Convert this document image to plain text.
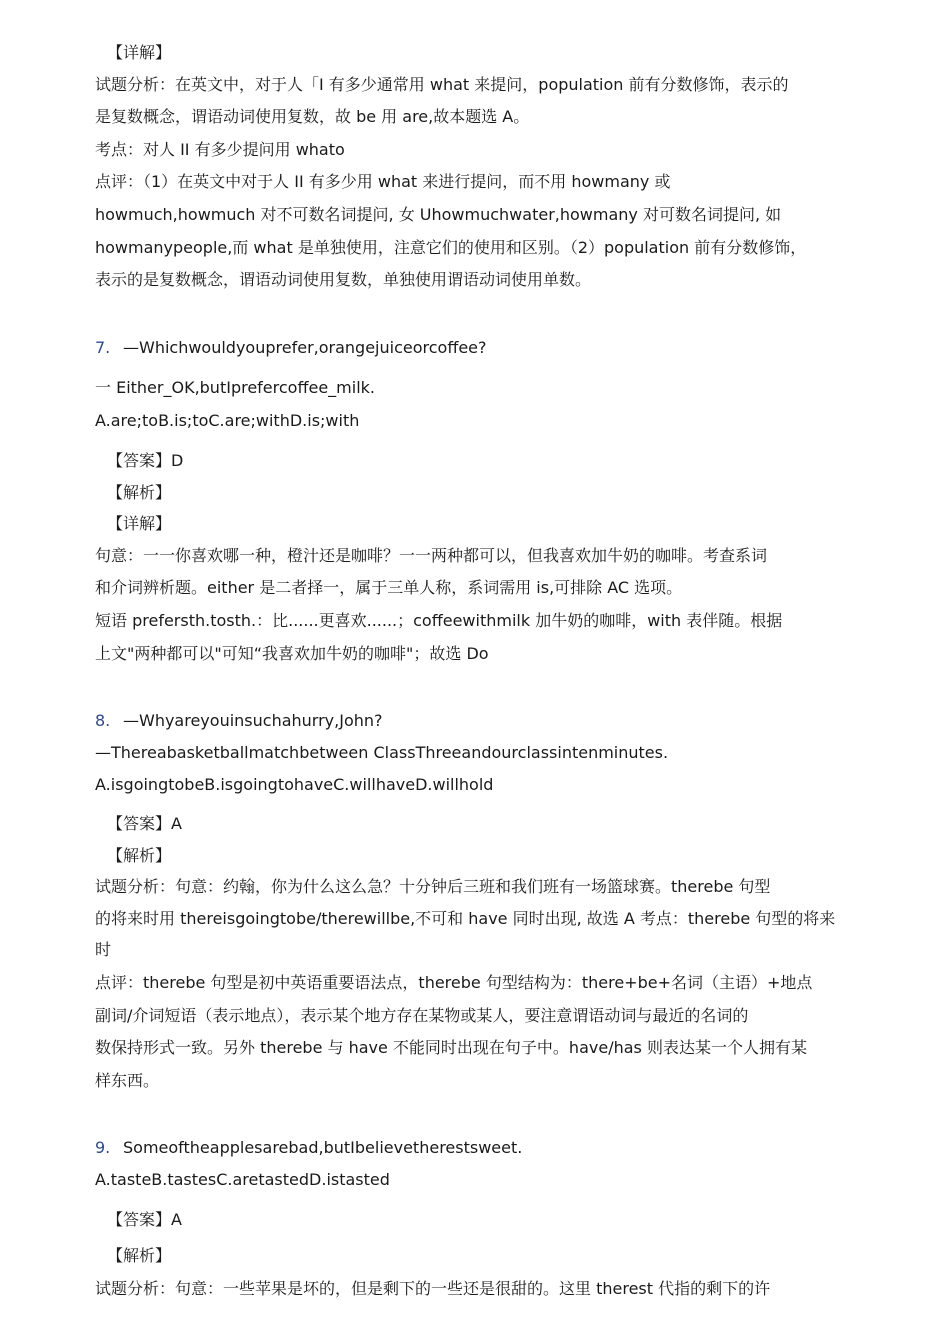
【详解】
试题分析：在英文中，对于人「I 有多少通常用 what 来提问，population 前有分数修饰，表示的
是复数概念，谓语动词使用复数，故 be 用 are,故本题选 A。
考点：对人 II 有多少提问用 whato
点评：（1）在英文中对于人 II 有多少用 what 来进行提问，而不用 howmany 或
howmuch,howmuch 对不可数名词提问, 女 Uhowmuchwater,howmany 对可数名词提问, 如
howmanypeople,而 what 是单独使用，注意它们的使用和区别。（2）population 前有分数修饰，
表示的是复数概念，谓语动词使用复数，单独使用谓语动词使用单数。
7. —Whichwouldyouprefer,orangejuiceorcoffee?
一 Either_OK,butIprefercoffee_milk.
A.are;toB.is;toC.are;withD.is;with
【答案】D
【解析】
【详解】
句意：一一你喜欢哪一种，橙汁还是咖啡？一一两种都可以，但我喜欢加牛奶的咖啡。考查系词
和介词辨析题。either 是二者择一，属于三单人称，系词需用 is,可排除 AC 选项。
短语 prefersth.tosth.：比......更喜欢......；coffeewithmilk 加牛奶的咖啡，with 表伴随。根据
上文"两种都可以"可知“我喜欢加牛奶的咖啡"；故选 Do
8. —Whyareyouinsuchahurry,John?
—Thereabasketballmatchbetween ClassThreeandourclassintenminutes.
A.isgoingtobeB.isgoingtohaveC.willhaveD.willhold
【答案】A
【解析】
试题分析：句意：约翰，你为什么这么急？十分钟后三班和我们班有一场篮球赛。therebe 句型
的将来时用 thereisgoingtobe/therewillbe,不可和 have 同时出现, 故选 A 考点：therebe 句型的将来
时
点评：therebe 句型是初中英语重要语法点，therebe 句型结构为：there+be+名词（主语）+地点
副词/介词短语（表示地点），表示某个地方存在某物或某人，要注意谓语动词与最近的名词的
数保持形式一致。另外 therebe 与 have 不能同时出现在句子中。have/has 则表达某一个人拥有某
样东西。
9. Someoftheapplesarebad,butIbelievetherestsweet.
A.tasteB.tastesC.aretastedD.istasted
【答案】A
【解析】
试题分析：句意：一些苹果是坏的，但是剩下的一些还是很甜的。这里 therest 代指的剩下的许
